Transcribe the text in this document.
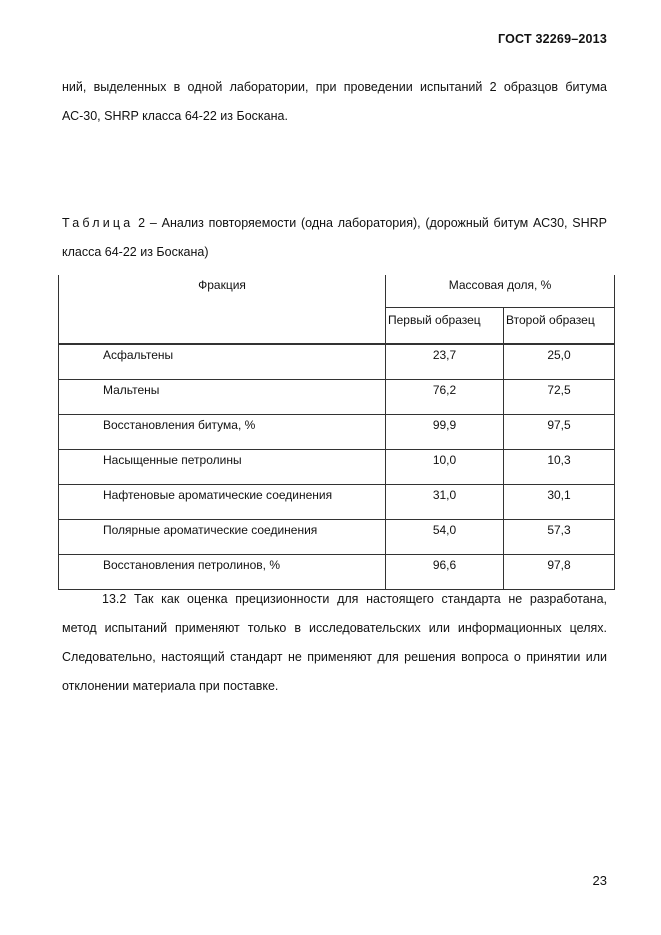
ГОСТ 32269–2013

ний, выделенных в одной лаборатории, при проведении испытаний 2 образцов битума АС-30, SHRP класса 64-22 из Боскана.

Таблица 2 – Анализ повторяемости (одна лаборатория), (дорожный битум АС30, SHRP класса 64-22 из Боскана)

Фракция	Массовая доля, %	
	Первый образец	Второй образец
Асфальтены	23,7	25,0
Мальтены	76,2	72,5
Восстановления битума, %	99,9	97,5
Насыщенные петролины	10,0	10,3
Нафтеновые ароматические соединения	31,0	30,1
Полярные ароматические соединения	54,0	57,3
Восстановления петролинов, %	96,6	97,8

13.2 Так как оценка прецизионности для настоящего стандарта не разработана, метод испытаний применяют только в исследовательских или информационных целях. Следовательно, настоящий стандарт не применяют для решения вопроса о принятии или отклонении материала при поставке.

23
